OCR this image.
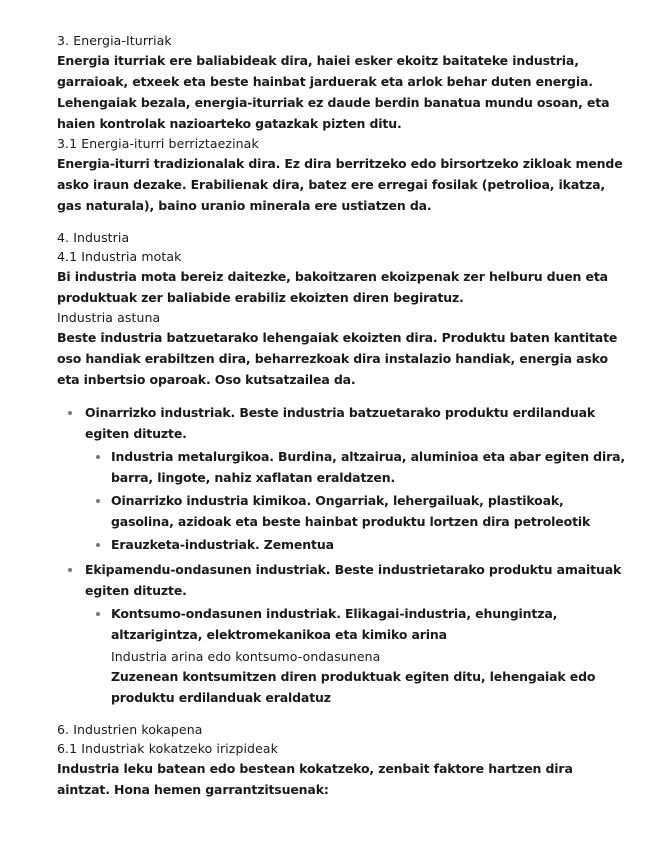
3. Energia-Iturriak

Energia iturriak ere baliabideak dira, haiei esker ekoitz baitateke industria, garraioak, etxeek eta beste hainbat jarduerak eta arlok behar duten energia. Lehengaiak bezala, energia-iturriak ez daude berdin banatua mundu osoan, eta haien kontrolak nazioarteko gatazkak pizten ditu.

3.1 Energia-iturri berriztaezinak

Energia-iturri tradizionalak dira. Ez dira berritzeko edo birsortzeko zikloak mende asko iraun dezake. Erabilienak dira, batez ere erregai fosilak (petrolioa, ikatza, gas naturala), baino uranio minerala ere ustiatzen da.

4. Industria

4.1 Industria motak

Bi industria mota bereiz daitezke, bakoitzaren ekoizpenak zer helburu duen eta produktuak zer baliabide erabiliz ekoizten diren begiratuz.

Industria astuna

Beste industria batzuetarako lehengaiak ekoizten dira. Produktu baten kantitate oso handiak erabiltzen dira, beharrezkoak dira instalazio handiak, energia asko eta inbertsio oparoak. Oso kutsatzailea da.

Oinarrizko industriak. Beste industria batzuetarako produktu erdilanduak egiten dituzte.
Industria metalurgikoa. Burdina, altzairua, aluminioa eta abar egiten dira, barra, lingote, nahiz xaflatan eraldatzen.
Oinarrizko industria kimikoa. Ongarriak, lehergailuak, plastikoak, gasolina, azidoak eta beste hainbat produktu lortzen dira petroleotik
Erauzketa-industriak. Zementua
Ekipamendu-ondasunen industriak. Beste industrietarako produktu amaituak egiten dituzte.
Kontsumo-ondasunen industriak. Elikagai-industria, ehungintza, altzarigintza, elektromekanikoa eta kimiko arina

Industria arina edo kontsumo-ondasunena

Zuzenean kontsumitzen diren produktuak egiten ditu, lehengaiak edo produktu erdilanduak eraldatuz

6. Industrien kokapena

6.1 Industriak kokatzeko irizpideak

Industria leku batean edo bestean kokatzeko, zenbait faktore hartzen dira aintzat. Hona hemen garrantzitsuenak:
